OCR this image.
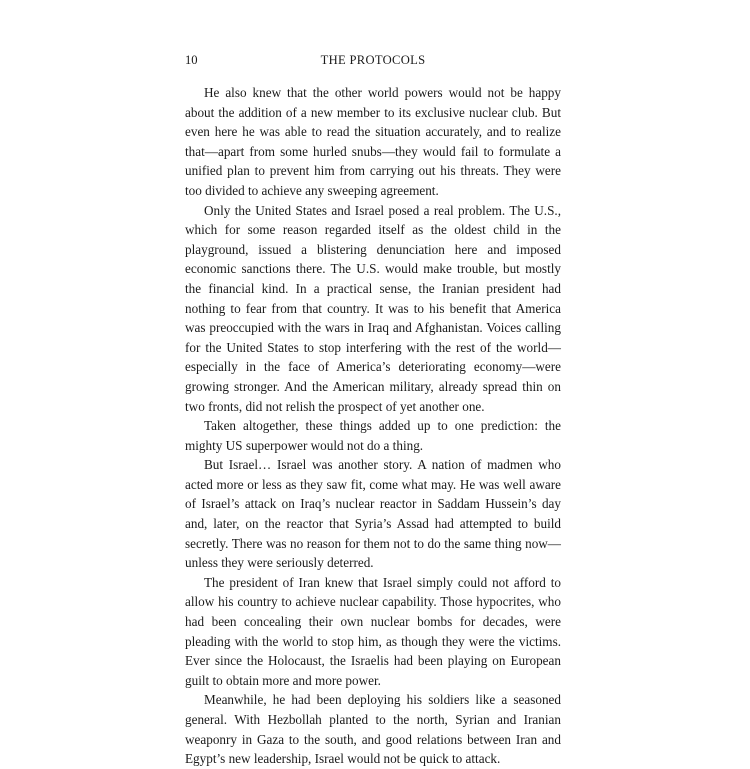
10	THE PROTOCOLS

He also knew that the other world powers would not be happy about the addition of a new member to its exclusive nuclear club. But even here he was able to read the situation accurately, and to realize that—apart from some hurled snubs—they would fail to formulate a unified plan to prevent him from carrying out his threats. They were too divided to achieve any sweeping agreement.

Only the United States and Israel posed a real problem. The U.S., which for some reason regarded itself as the oldest child in the playground, issued a blistering denunciation here and imposed economic sanctions there. The U.S. would make trouble, but mostly the financial kind. In a practical sense, the Iranian president had nothing to fear from that country. It was to his benefit that America was preoccupied with the wars in Iraq and Afghanistan. Voices calling for the United States to stop interfering with the rest of the world—especially in the face of America’s deteriorating economy—were growing stronger. And the American military, already spread thin on two fronts, did not relish the prospect of yet another one.

Taken altogether, these things added up to one prediction: the mighty US superpower would not do a thing.

But Israel… Israel was another story. A nation of madmen who acted more or less as they saw fit, come what may. He was well aware of Israel’s attack on Iraq’s nuclear reactor in Saddam Hussein’s day and, later, on the reactor that Syria’s Assad had attempted to build secretly. There was no reason for them not to do the same thing now—unless they were seriously deterred.

The president of Iran knew that Israel simply could not afford to allow his country to achieve nuclear capability. Those hypocrites, who had been concealing their own nuclear bombs for decades, were pleading with the world to stop him, as though they were the victims. Ever since the Holocaust, the Israelis had been playing on European guilt to obtain more and more power.

Meanwhile, he had been deploying his soldiers like a seasoned general. With Hezbollah planted to the north, Syrian and Iranian weaponry in Gaza to the south, and good relations between Iran and Egypt’s new leadership, Israel would not be quick to attack.
